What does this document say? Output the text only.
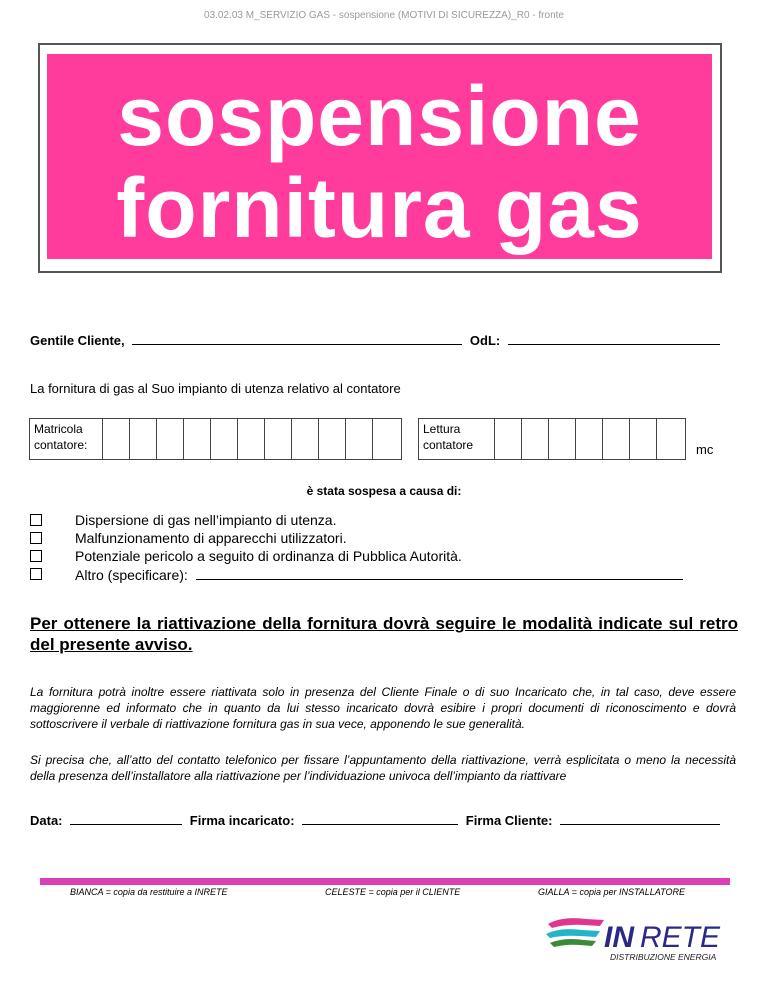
03.02.03 M_SERVIZIO GAS - sospensione (MOTIVI DI SICUREZZA)_R0 - fronte
sospensione
fornitura gas
Gentile Cliente,	OdL:
La fornitura di gas al Suo impianto di utenza relativo al contatore
Matricola
contatore:
Lettura
contatore	mc
è stata sospesa a causa di:
Dispersione di gas nell’impianto di utenza.
Malfunzionamento di apparecchi utilizzatori.
Potenziale pericolo a seguito di ordinanza di Pubblica Autorità.
Altro (specificare):
Per ottenere la riattivazione della fornitura dovrà seguire le modalità indicate sul retro del presente avviso.
La fornitura potrà inoltre essere riattivata solo in presenza del Cliente Finale o di suo Incaricato che, in tal caso, deve essere maggiorenne ed informato che in quanto da lui stesso incaricato dovrà esibire i propri documenti di riconoscimento e dovrà sottoscrivere il verbale di riattivazione fornitura gas in sua vece, apponendo le sue generalità.
Si precisa che, all’atto del contatto telefonico per fissare l’appuntamento della riattivazione, verrà esplicitata o meno la necessità della presenza dell’installatore alla riattivazione per l’individuazione univoca dell’impianto da riattivare
Data:	Firma incaricato:	Firma Cliente:
BIANCA = copia da restituire a INRETE	CELESTE = copia per il CLIENTE	GIALLA = copia per INSTALLATORE
IN RETE
DISTRIBUZIONE ENERGIA
